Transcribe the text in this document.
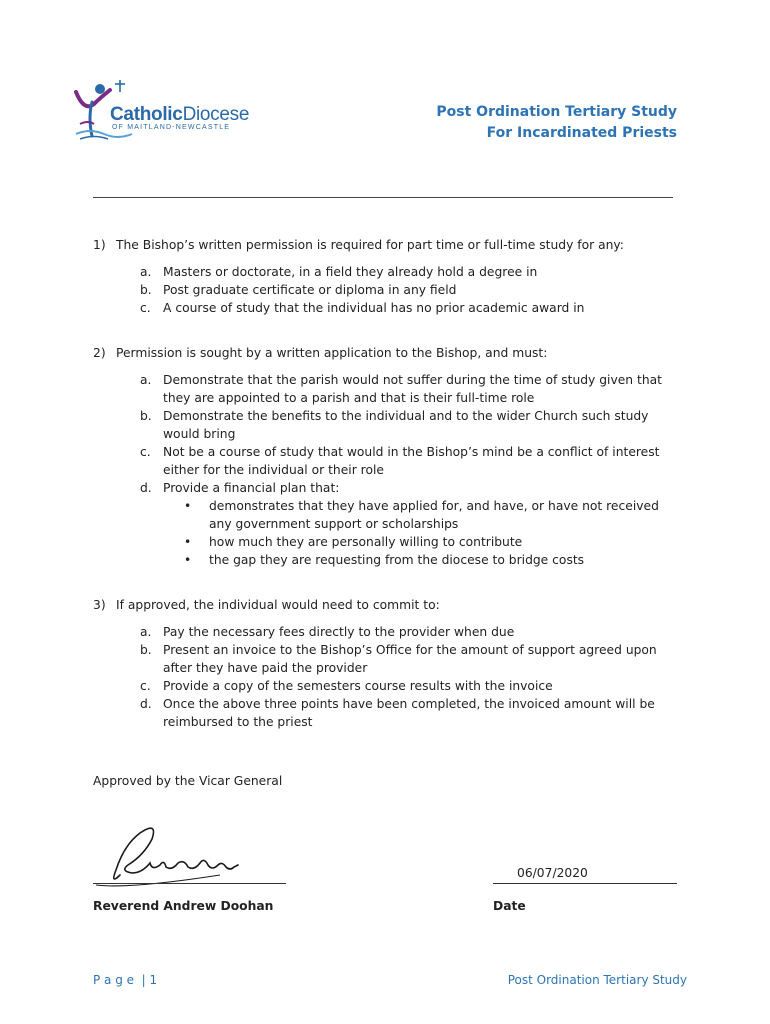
CatholicDiocese
OF MAITLAND-NEWCASTLE
Post Ordination Tertiary Study
For Incardinated Priests
1) The Bishop’s written permission is required for part time or full-time study for any:
a. Masters or doctorate, in a field they already hold a degree in
b. Post graduate certificate or diploma in any field
c. A course of study that the individual has no prior academic award in
2) Permission is sought by a written application to the Bishop, and must:
a. Demonstrate that the parish would not suffer during the time of study given that
they are appointed to a parish and that is their full-time role
b. Demonstrate the benefits to the individual and to the wider Church such study
would bring
c. Not be a course of study that would in the Bishop’s mind be a conflict of interest
either for the individual or their role
d. Provide a financial plan that:
• demonstrates that they have applied for, and have, or have not received
any government support or scholarships
• how much they are personally willing to contribute
• the gap they are requesting from the diocese to bridge costs
3) If approved, the individual would need to commit to:
a. Pay the necessary fees directly to the provider when due
b. Present an invoice to the Bishop’s Office for the amount of support agreed upon
after they have paid the provider
c. Provide a copy of the semesters course results with the invoice
d. Once the above three points have been completed, the invoiced amount will be
reimbursed to the priest
Approved by the Vicar General
06/07/2020
Reverend Andrew Doohan	Date
P a g e  | 1	Post Ordination Tertiary Study
